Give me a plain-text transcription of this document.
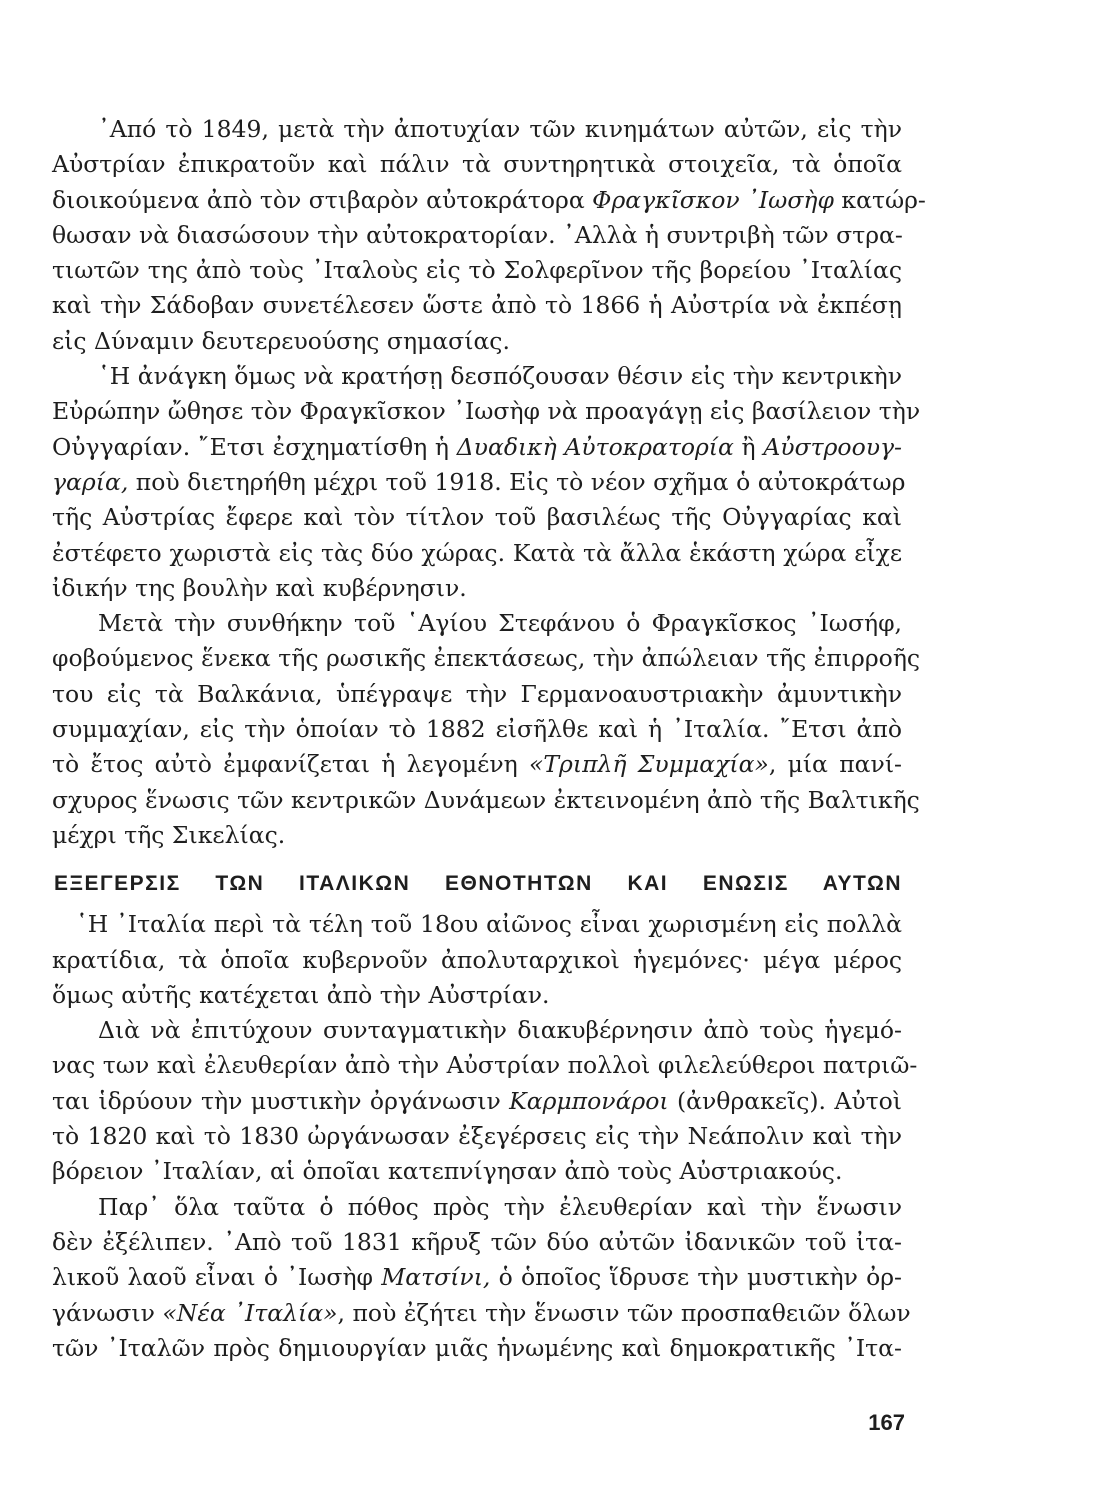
᾿Από τὸ 1849, μετὰ τὴν ἀποτυχίαν τῶν κινημάτων αὐτῶν, εἰς τὴν
Αὐστρίαν ἐπικρατοῦν καὶ πάλιν τὰ συντηρητικὰ στοιχεῖα, τὰ ὁποῖα
διοικούμενα ἀπὸ τὸν στιβαρὸν αὐτοκράτορα Φραγκῖσκον ᾿Ιωσὴφ κατώρ-
θωσαν νὰ διασώσουν τὴν αὐτοκρατορίαν. ᾿Αλλὰ ἡ συντριβὴ τῶν στρα-
τιωτῶν της ἀπὸ τοὺς ᾿Ιταλοὺς εἰς τὸ Σολφερῖνον τῆς βορείου ᾿Ιταλίας
καὶ τὴν Σάδοβαν συνετέλεσεν ὥστε ἀπὸ τὸ 1866 ἡ Αὐστρία νὰ ἐκπέσῃ
εἰς Δύναμιν δευτερευούσης σημασίας.
῾Η ἀνάγκη ὅμως νὰ κρατήσῃ δεσπόζουσαν θέσιν εἰς τὴν κεντρικὴν
Εὐρώπην ὤθησε τὸν Φραγκῖσκον ᾿Ιωσὴφ νὰ προαγάγῃ εἰς βασίλειον τὴν
Οὐγγαρίαν. ῎Ετσι ἐσχηματίσθη ἡ Δυαδικὴ Αὐτοκρατορία ἢ Αὐστροουγ-
γαρία, ποὺ διετηρήθη μέχρι τοῦ 1918. Εἰς τὸ νέον σχῆμα ὁ αὐτοκράτωρ
τῆς Αὐστρίας ἔφερε καὶ τὸν τίτλον τοῦ βασιλέως τῆς Οὐγγαρίας καὶ
ἐστέφετο χωριστὰ εἰς τὰς δύο χώρας. Κατὰ τὰ ἄλλα ἑκάστη χώρα εἶχε
ἰδικήν της βουλὴν καὶ κυβέρνησιν.
Μετὰ τὴν συνθήκην τοῦ ῾Αγίου Στεφάνου ὁ Φραγκῖσκος ᾿Ιωσήφ,
φοβούμενος ἕνεκα τῆς ρωσικῆς ἐπεκτάσεως, τὴν ἀπώλειαν τῆς ἐπιρροῆς
του εἰς τὰ Βαλκάνια, ὑπέγραψε τὴν Γερμανοαυστριακὴν ἀμυντικὴν
συμμαχίαν, εἰς τὴν ὁποίαν τὸ 1882 εἰσῆλθε καὶ ἡ ᾿Ιταλία. ῎Ετσι ἀπὸ
τὸ ἔτος αὐτὸ ἐμφανίζεται ἡ λεγομένη «Τριπλῆ Συμμαχία», μία πανί-
σχυρος ἕνωσις τῶν κεντρικῶν Δυνάμεων ἐκτεινομένη ἀπὸ τῆς Βαλτικῆς
μέχρι τῆς Σικελίας.
ΕΞΕΓΕΡΣΙΣ ΤΩΝ ΙΤΑΛΙΚΩΝ ΕΘΝΟΤΗΤΩΝ ΚΑΙ ΕΝΩΣΙΣ ΑΥΤΩΝ
῾Η ᾿Ιταλία περὶ τὰ τέλη τοῦ 18ου αἰῶνος εἶναι χωρισμένη εἰς πολλὰ
κρατίδια, τὰ ὁποῖα κυβερνοῦν ἀπολυταρχικοὶ ἡγεμόνες· μέγα μέρος
ὅμως αὐτῆς κατέχεται ἀπὸ τὴν Αὐστρίαν.
Διὰ νὰ ἐπιτύχουν συνταγματικὴν διακυβέρνησιν ἀπὸ τοὺς ἡγεμό-
νας των καὶ ἐλευθερίαν ἀπὸ τὴν Αὐστρίαν πολλοὶ φιλελεύθεροι πατριῶ-
ται ἱδρύουν τὴν μυστικὴν ὀργάνωσιν Καρμπονάροι (ἀνθρακεῖς). Αὐτοὶ
τὸ 1820 καὶ τὸ 1830 ὠργάνωσαν ἐξεγέρσεις εἰς τὴν Νεάπολιν καὶ τὴν
βόρειον ᾿Ιταλίαν, αἱ ὁποῖαι κατεπνίγησαν ἀπὸ τοὺς Αὐστριακούς.
Παρ᾿ ὅλα ταῦτα ὁ πόθος πρὸς τὴν ἐλευθερίαν καὶ τὴν ἕνωσιν
δὲν ἐξέλιπεν. ᾿Απὸ τοῦ 1831 κῆρυξ τῶν δύο αὐτῶν ἰδανικῶν τοῦ ἰτα-
λικοῦ λαοῦ εἶναι ὁ ᾿Ιωσὴφ Ματσίνι, ὁ ὁποῖος ἵδρυσε τὴν μυστικὴν ὀρ-
γάνωσιν «Νέα ᾿Ιταλία», ποὺ ἐζήτει τὴν ἕνωσιν τῶν προσπαθειῶν ὅλων
τῶν ᾿Ιταλῶν πρὸς δημιουργίαν μιᾶς ἡνωμένης καὶ δημοκρατικῆς ᾿Ιτα-
167
